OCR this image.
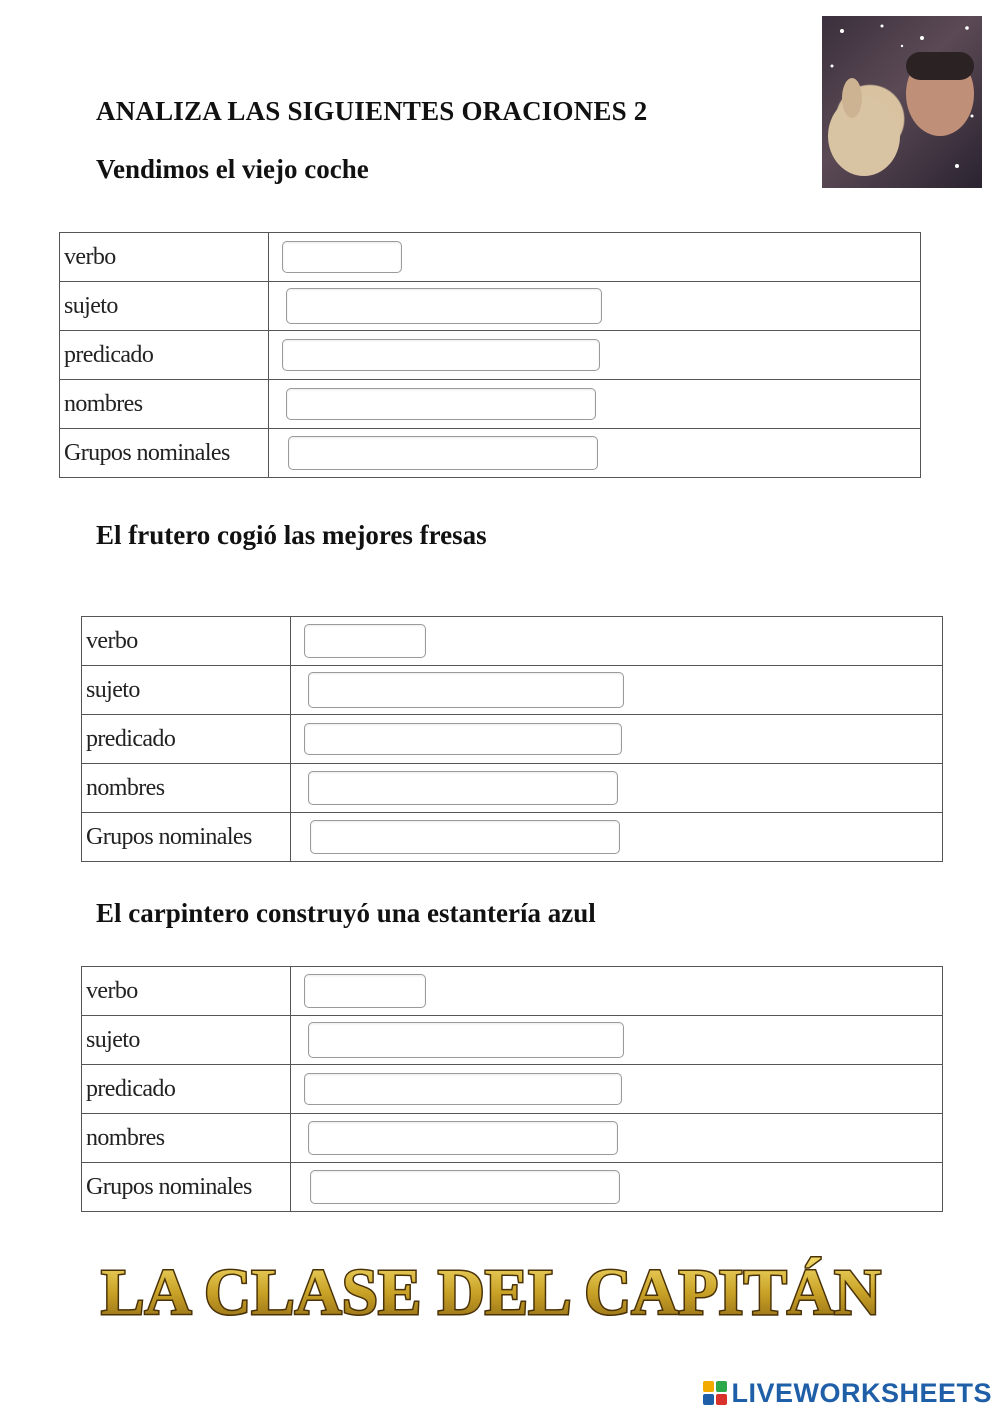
ANALIZA LAS SIGUIENTES ORACIONES 2

Vendimos el viejo coche

verbo	

sujeto	

predicado	

nombres	

Grupos nominales	

El frutero cogió las mejores fresas

verbo	

sujeto	

predicado	

nombres	

Grupos nominales	

El carpintero construyó una estantería azul

verbo	

sujeto	

predicado	

nombres	

Grupos nominales	
LA CLASE DEL CAPITÁN
LIVEWORKSHEETS
